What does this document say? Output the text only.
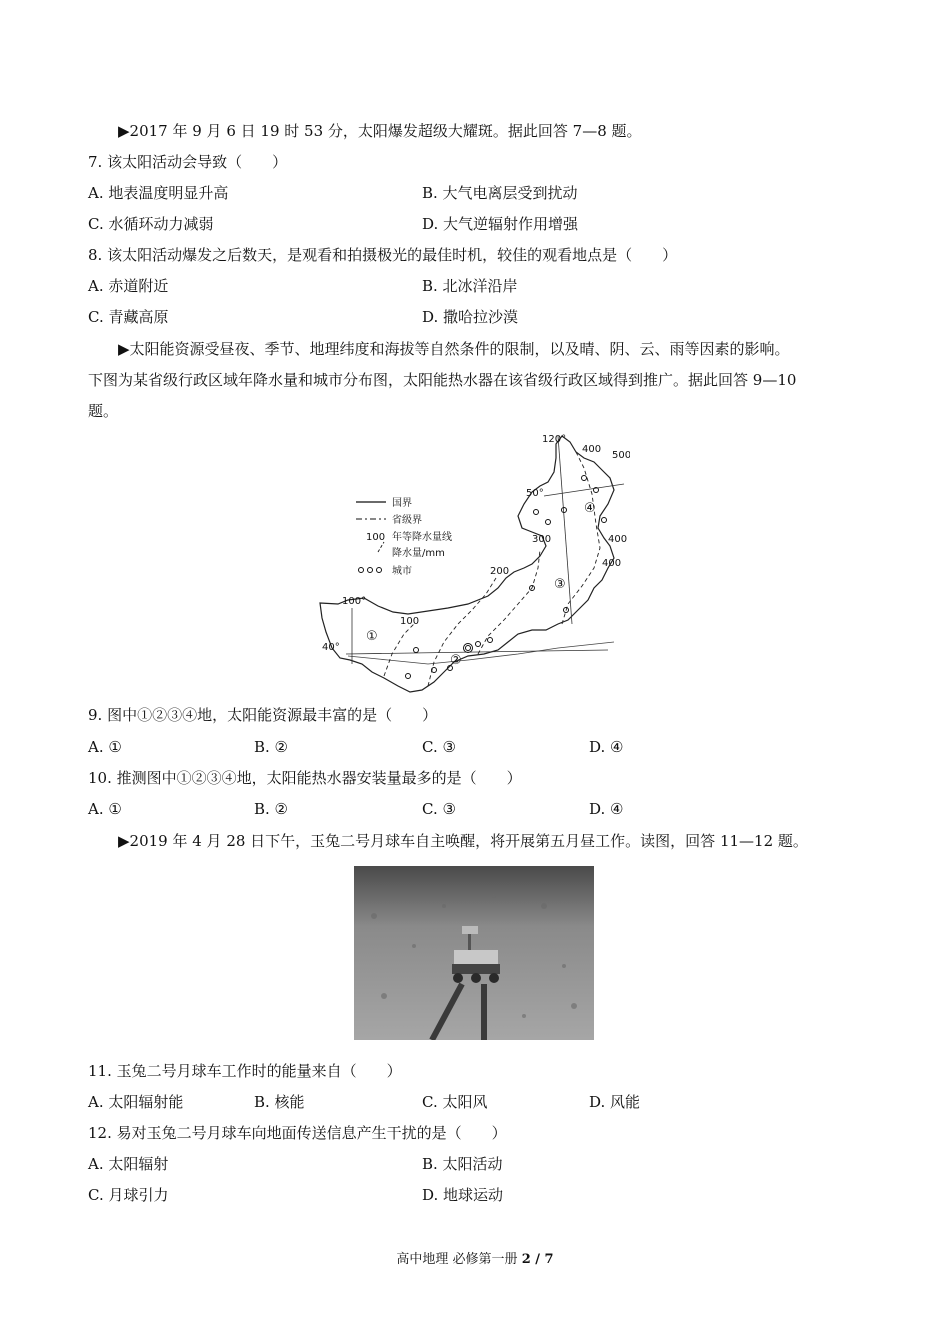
▶2017 年 9 月 6 日 19 时 53 分，太阳爆发超级大耀斑。据此回答 7—8 题。
7. 该太阳活动会导致（　　）
A. 地表温度明显升高	B. 大气电离层受到扰动
C. 水循环动力减弱	D. 大气逆辐射作用增强
8. 该太阳活动爆发之后数天，是观看和拍摄极光的最佳时机，较佳的观看地点是（　　）
A. 赤道附近	B. 北冰洋沿岸
C. 青藏高原	D. 撒哈拉沙漠
▶太阳能资源受昼夜、季节、地理纬度和海拔等自然条件的限制，以及晴、阴、云、雨等因素的影响。
下图为某省级行政区域年降水量和城市分布图，太阳能热水器在该省级行政区域得到推广。据此回答 9—10
题。
国界
省级界
100 年等降水量线
降水量/mm
城市
120°
100°
50°
40°
100
200
300
400
500
400
400
①
②
③
④
9. 图中①②③④地，太阳能资源最丰富的是（　　）
A. ①	B. ②	C. ③	D. ④
10. 推测图中①②③④地，太阳能热水器安装量最多的是（　　）
A. ①	B. ②	C. ③	D. ④
▶2019 年 4 月 28 日下午，玉兔二号月球车自主唤醒，将开展第五月昼工作。读图，回答 11—12 题。
11. 玉兔二号月球车工作时的能量来自（　　）
A. 太阳辐射能	B. 核能	C. 太阳风	D. 风能
12. 易对玉兔二号月球车向地面传送信息产生干扰的是（　　）
A. 太阳辐射	B. 太阳活动
C. 月球引力	D. 地球运动
高中地理 必修第一册 2 / 7
